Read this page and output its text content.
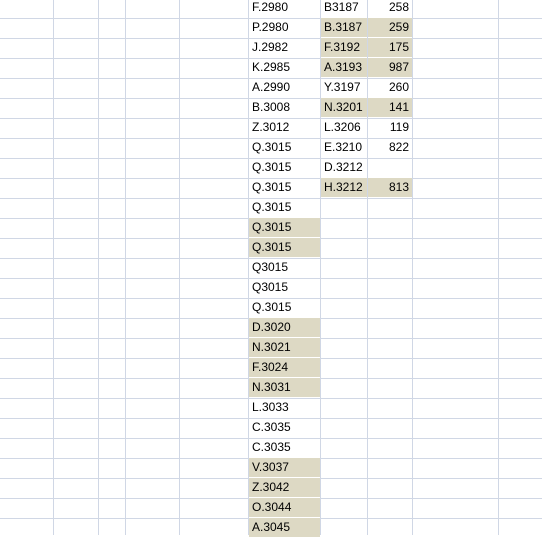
F.2980
P.2980
J.2982
K.2985
A.2990
B.3008
Z.3012
Q.3015
Q.3015
Q.3015
Q.3015
Q.3015
Q.3015
Q3015
Q3015
Q.3015
D.3020
N.3021
F.3024
N.3031
L.3033
C.3035
C.3035
V.3037
Z.3042
O.3044
A.3045
B3187	258
B.3187	259
F.3192	175
A.3193	987
Y.3197	260
N.3201	141
L.3206	119
E.3210	822
D.3212
H.3212	813
